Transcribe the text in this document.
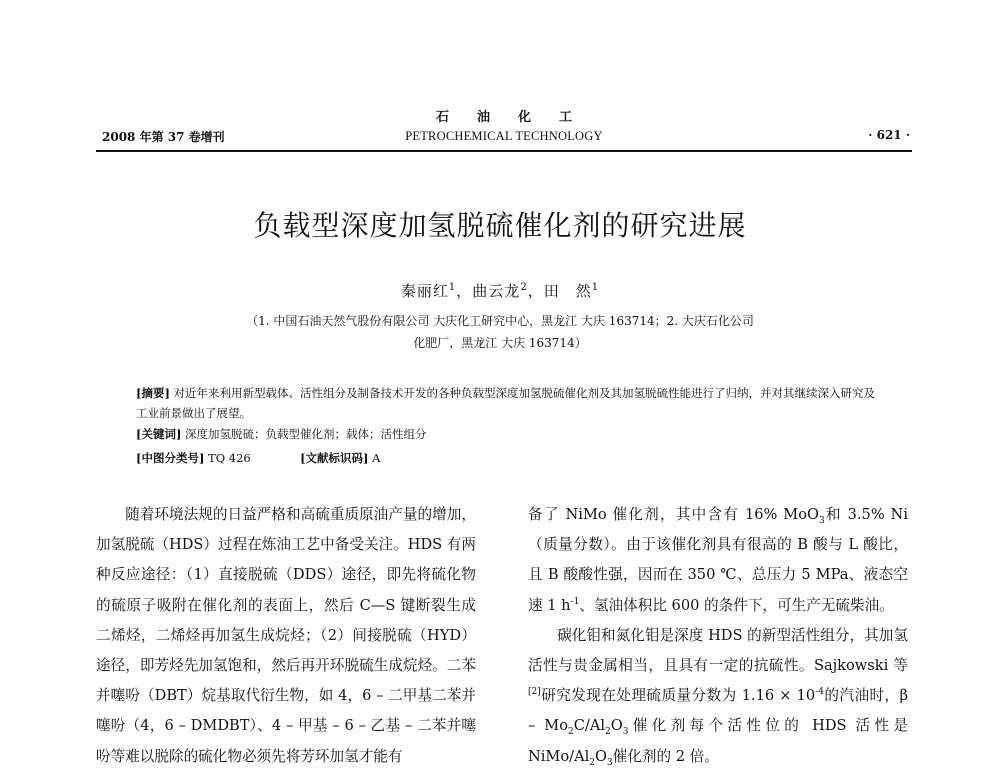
石油化工
2008 年第 37 卷增刊	PETROCHEMICAL TECHNOLOGY	· 621 ·
负载型深度加氢脱硫催化剂的研究进展
秦丽红$^1$，曲云龙$^2$，田　然$^1$
（1. 中国石油天然气股份有限公司 大庆化工研究中心，黑龙江 大庆 163714；2. 大庆石化公司
化肥厂，黑龙江 大庆 163714）
[摘要] 对近年来利用新型载体、活性组分及制备技术开发的各种负载型深度加氢脱硫催化剂及其加氢脱硫性能进行了归纳，并对其继续深入研究及工业前景做出了展望。
[关键词] 深度加氢脱硫；负载型催化剂；载体；活性组分
[中图分类号] TQ 426	[文献标识码] A

随着环境法规的日益严格和高硫重质原油产量的增加，加氢脱硫（HDS）过程在炼油工艺中备受关注。HDS 有两种反应途径：（1）直接脱硫（DDS）途径，即先将硫化物的硫原子吸附在催化剂的表面上，然后 C—S 键断裂生成二烯烃，二烯烃再加氢生成烷烃；（2）间接脱硫（HYD）途径，即芳烃先加氢饱和，然后再开环脱硫生成烷烃。二苯并噻吩（DBT）烷基取代衍生物，如 4，6 – 二甲基二苯并噻吩（4，6 – DMDBT）、4 – 甲基 – 6 – 乙基 – 二苯并噻吩等难以脱除的硫化物必须先将芳环加氢才能有

备了 NiMo 催化剂，其中含有 16% MoO$_3$和 3.5% Ni（质量分数）。由于该催化剂具有很高的 B 酸与 L 酸比，且 B 酸酸性强，因而在 350 ℃、总压力 5 MPa、液态空速 1 $h^{-1}$、氢油体积比 600 的条件下，可生产无硫柴油。

碳化钼和氮化钼是深度 HDS 的新型活性组分，其加氢活性与贵金属相当，且具有一定的抗硫性。Sajkowski 等[2]研究发现在处理硫质量分数为 $1.16 \times 10^{-4}$的汽油时，β – $Mo_2C/Al_2O_3$催化剂每个活性位的 HDS 活性是 NiMo/$Al_2O_3$催化剂的 2 倍。
